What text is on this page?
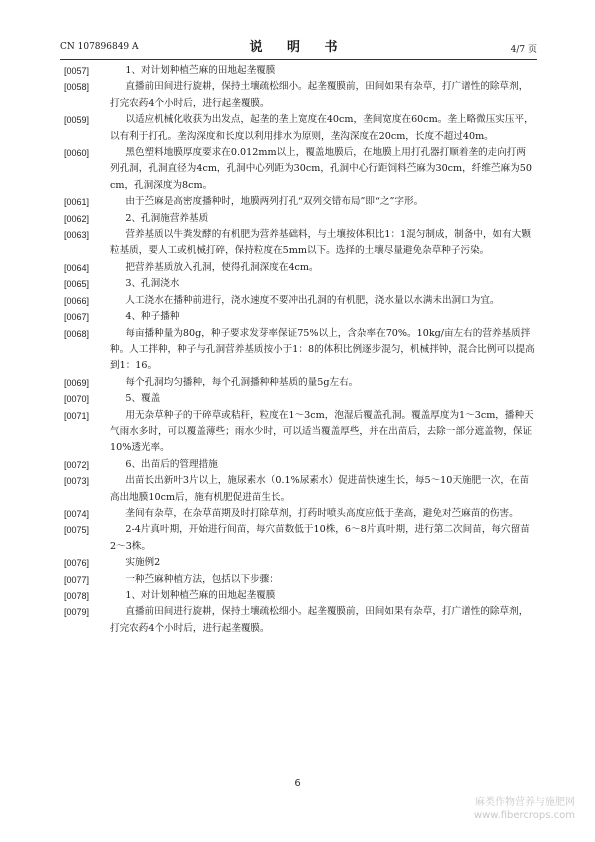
CN 107896849 A	说 明 书	4/7 页
[0057]	1、对计划种植苎麻的田地起垄覆膜
[0058]	直播前田间进行旋耕，保持土壤疏松细小。起垄覆膜前，田间如果有杂草，打广谱性的除草剂，打完农药4个小时后，进行起垄覆膜。
[0059]	以适应机械化收获为出发点，起垄的垄上宽度在40cm，垄间宽度在60cm。垄上略微压实压平，以有利于打孔。垄沟深度和长度以利用排水为原则，垄沟深度在20cm，长度不超过40m。
[0060]	黑色塑料地膜厚度要求在0.012mm以上，覆盖地膜后，在地膜上用打孔器打顺着垄的走向打两列孔洞，孔洞直径为4cm，孔洞中心列距为30cm，孔洞中心行距饲料苎麻为30cm，纤维苎麻为50cm，孔洞深度为8cm。
[0061]	由于苎麻是高密度播种时，地膜两列打孔“双列交错布局”即“之”字形。
[0062]	2、孔洞施营养基质
[0063]	营养基质以牛粪发酵的有机肥为营养基础料，与土壤按体积比1：1混匀制成，制备中，如有大颗粒基质，要人工或机械打碎，保持粒度在5mm以下。选择的土壤尽量避免杂草种子污染。
[0064]	把营养基质放入孔洞，使得孔洞深度在4cm。
[0065]	3、孔洞浇水
[0066]	人工浇水在播种前进行，浇水速度不要冲出孔洞的有机肥，浇水量以水满未出洞口为宜。
[0067]	4、种子播种
[0068]	每亩播种量为80g，种子要求发芽率保证75%以上，含杂率在70%。10kg/亩左右的营养基质拌种。人工拌种，种子与孔洞营养基质按小于1：8的体积比例逐步混匀，机械拌钟，混合比例可以提高到1：16。
[0069]	每个孔洞均匀播种，每个孔洞播种种基质的量5g左右。
[0070]	5、覆盖
[0071]	用无杂草种子的干碎草或秸秆，粒度在1～3cm，泡湿后覆盖孔洞。覆盖厚度为1～3cm，播种天气雨水多时，可以覆盖薄些；雨水少时，可以适当覆盖厚些，并在出苗后，去除一部分遮盖物，保证10%透光率。
[0072]	6、出苗后的管理措施
[0073]	出苗长出新叶3片以上，施尿素水（0.1%尿素水）促进苗快速生长，每5～10天施肥一次，在苗高出地膜10cm后，施有机肥促进苗生长。
[0074]	垄间有杂草，在杂草苗期及时打除草剂，打药时喷头高度应低于垄高，避免对苎麻苗的伤害。
[0075]	2-4片真叶期，开始进行间苗，每穴苗数低于10株，6～8片真叶期，进行第二次间苗，每穴留苗2～3株。
[0076]	实施例2
[0077]	一种苎麻种植方法，包括以下步骤：
[0078]	1、对计划种植苎麻的田地起垄覆膜
[0079]	直播前田间进行旋耕，保持土壤疏松细小。起垄覆膜前，田间如果有杂草，打广谱性的除草剂，打完农药4个小时后，进行起垄覆膜。
6
麻类作物营养与施肥网
www.fibercrops.com
